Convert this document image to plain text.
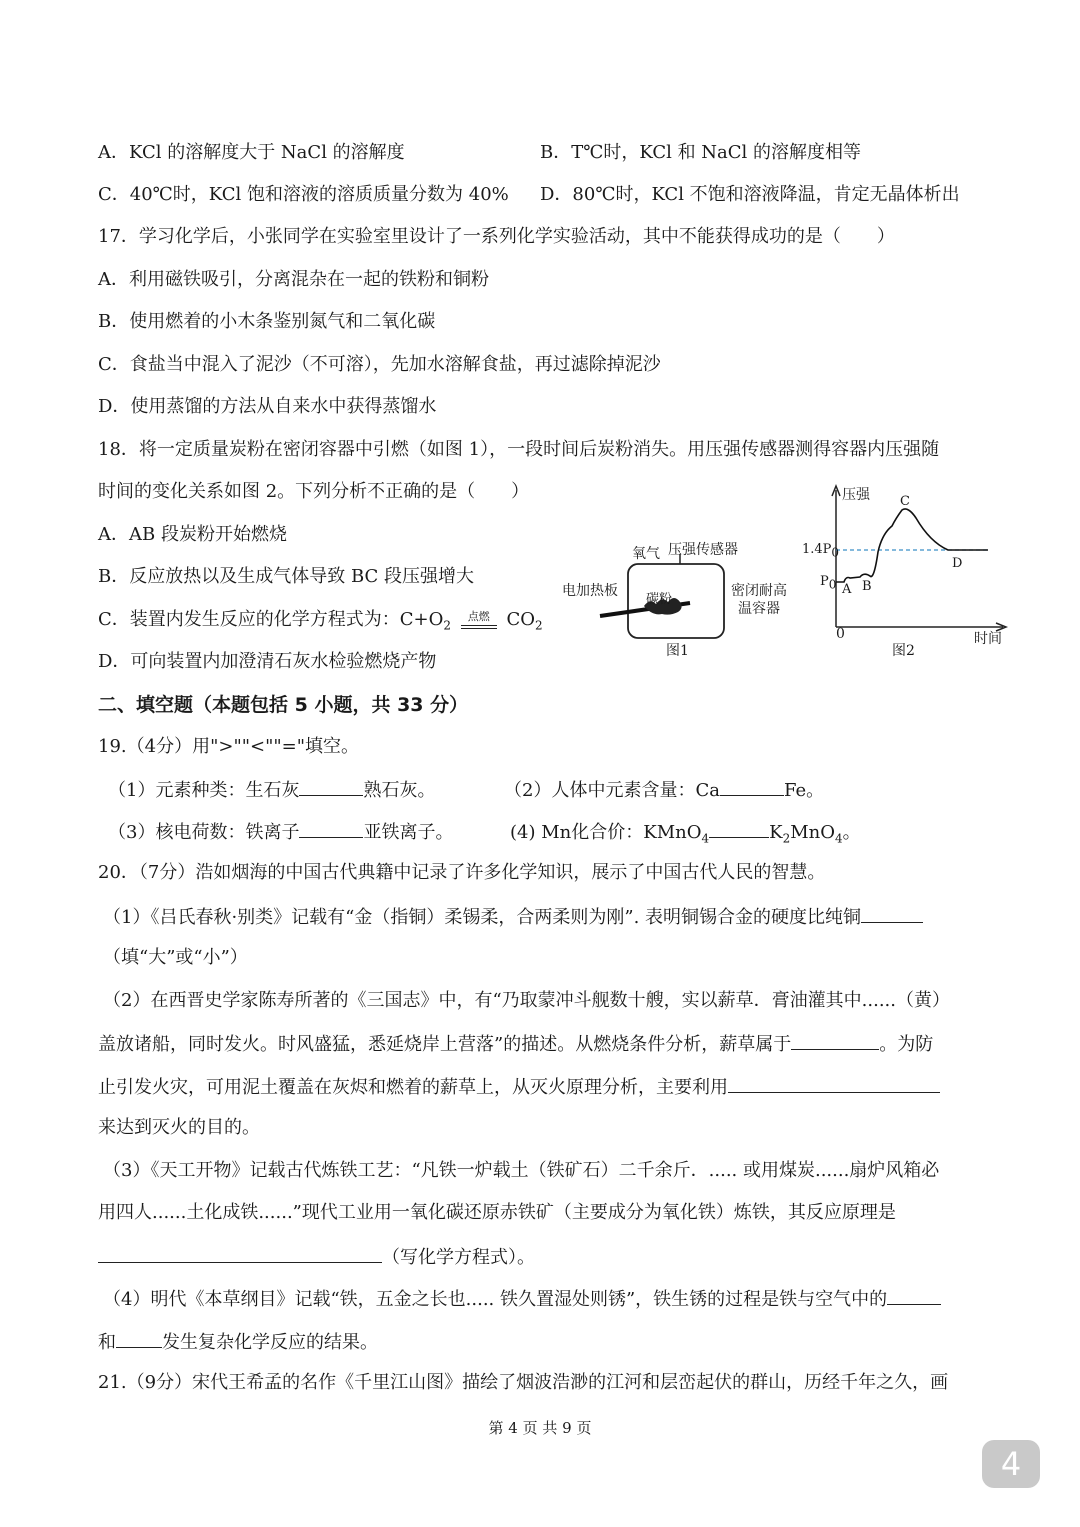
A．KCl 的溶解度大于 NaCl 的溶解度	B．T℃时，KCl 和 NaCl 的溶解度相等
C．40℃时，KCl 饱和溶液的溶质质量分数为 40% D．80℃时，KCl 不饱和溶液降温，肯定无晶体析出
17．学习化学后，小张同学在实验室里设计了一系列化学实验活动，其中不能获得成功的是（　　）
A．利用磁铁吸引，分离混杂在一起的铁粉和铜粉
B．使用燃着的小木条鉴别氮气和二氧化碳
C．食盐当中混入了泥沙（不可溶），先加水溶解食盐，再过滤除掉泥沙
D．使用蒸馏的方法从自来水中获得蒸馏水
18．将一定质量炭粉在密闭容器中引燃（如图 1），一段时间后炭粉消失。用压强传感器测得容器内压强随
时间的变化关系如图 2。下列分析不正确的是（　　）
A．AB 段炭粉开始燃烧
B．反应放热以及生成气体导致 BC 段压强增大
C．装置内发生反应的化学方程式为：$C+O_2$ $^{点燃}$ $CO_2$
D．可向装置内加澄清石灰水检验燃烧产物
氧气 压强传感器
电加热板
碳粉
密闭耐高
温容器
图1
压强
时间
0
$1.4P_0$
$P_0$ A B
C
D
图2
二、填空题（本题包括 5 小题，共 33 分）
19.（4分）用">""<""="填空。
（1）元素种类：生石灰	熟石灰。	（2）人体中元素含量：Ca	Fe。
（3）核电荷数：铁离子	亚铁离子。	(4) Mn化合价：KMnO$_4$	$K_2MnO_4$。
20．（7分）浩如烟海的中国古代典籍中记录了许多化学知识，展示了中国古代人民的智慧。
（1）《吕氏春秋·别类》记载有“金（指铜）柔锡柔，合两柔则为刚”. 表明铜锡合金的硬度比纯铜
（填“大”或“小”）
（2）在西晋史学家陈寿所著的《三国志》中，有“乃取蒙冲斗舰数十艘，实以薪草．膏油灌其中......（黄）
盖放诸船，同时发火。时风盛猛，悉延烧岸上营落”的描述。从燃烧条件分析，薪草属于	。为防
止引发火灾，可用泥土覆盖在灰烬和燃着的薪草上，从灭火原理分析，主要利用
来达到灭火的目的。
（3）《天工开物》记载古代炼铁工艺：“凡铁一炉载土（铁矿石）二千余斤．..... 或用煤炭......扇炉风箱必
用四人......土化成铁......”现代工业用一氧化碳还原赤铁矿（主要成分为氧化铁）炼铁，其反应原理是
（写化学方程式）。
（4）明代《本草纲目》记载“铁，五金之长也..... 铁久置湿处则锈”，铁生锈的过程是铁与空气中的
和	发生复杂化学反应的结果。
21.（9分）宋代王希孟的名作《千里江山图》描绘了烟波浩渺的江河和层峦起伏的群山，历经千年之久，画
第 4 页 共 9 页
4
